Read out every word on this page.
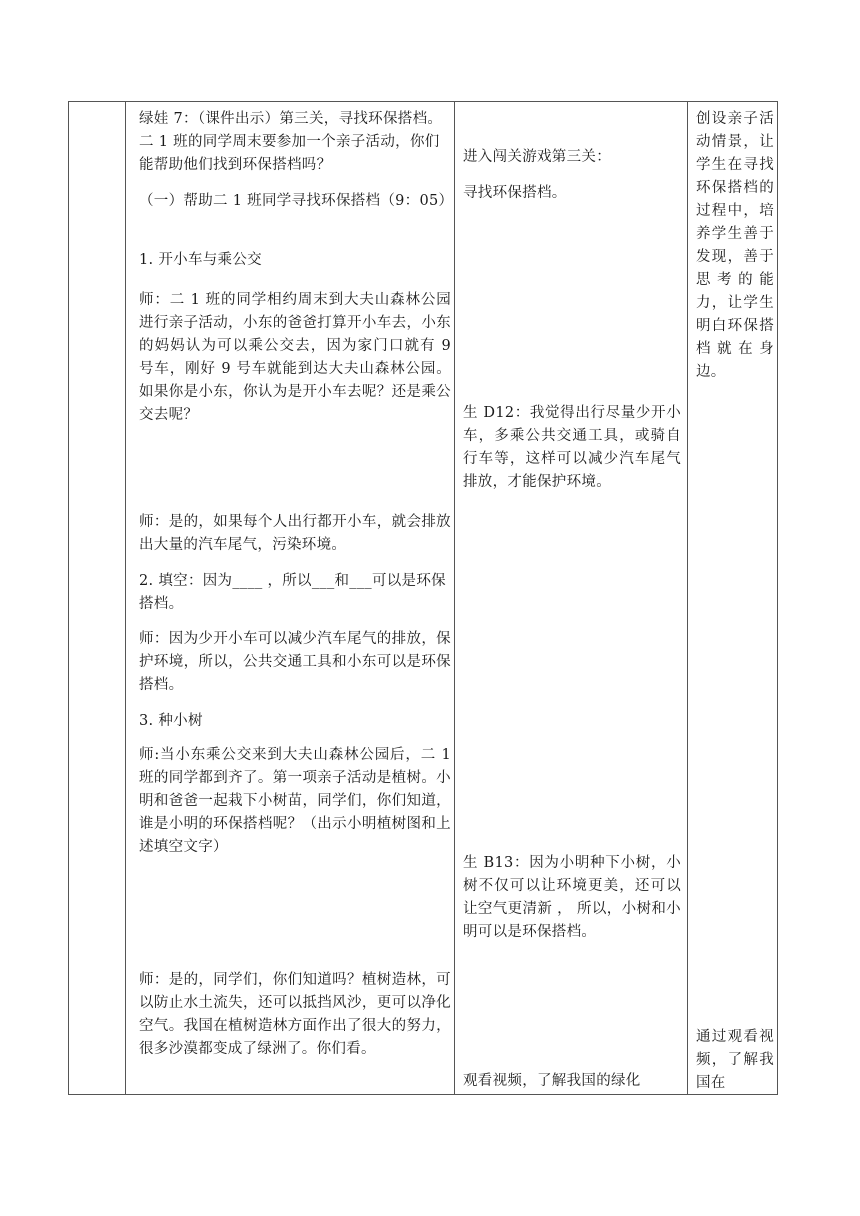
绿娃 7：（课件出示）第三关，寻找环保搭档。二 1 班的同学周末要参加一个亲子活动，你们能帮助他们找到环保搭档吗？
（一）帮助二 1 班同学寻找环保搭档（9：05）
1. 开小车与乘公交
师：二 1 班的同学相约周末到大夫山森林公园进行亲子活动，小东的爸爸打算开小车去，小东的妈妈认为可以乘公交去，因为家门口就有 9 号车，刚好 9 号车就能到达大夫山森林公园。如果你是小东，你认为是开小车去呢？还是乘公交去呢？
师：是的，如果每个人出行都开小车，就会排放出大量的汽车尾气，污染环境。
2. 填空：因为____ ，所以___和___可以是环保搭档。
师：因为少开小车可以减少汽车尾气的排放，保护环境，所以，公共交通工具和小东可以是环保搭档。
3. 种小树
师:当小东乘公交来到大夫山森林公园后，二 1 班的同学都到齐了。第一项亲子活动是植树。小明和爸爸一起栽下小树苗，同学们，你们知道，谁是小明的环保搭档呢？（出示小明植树图和上述填空文字）
师：是的，同学们，你们知道吗？植树造林，可以防止水土流失，还可以抵挡风沙，更可以净化空气。我国在植树造林方面作出了很大的努力，很多沙漠都变成了绿洲了。你们看。
进入闯关游戏第三关：
寻找环保搭档。
生 D12：我觉得出行尽量少开小车，多乘公共交通工具，或骑自行车等，这样可以减少汽车尾气排放，才能保护环境。
生 B13：因为小明种下小树，小树不仅可以让环境更美，还可以让空气更清新 ， 所以，小树和小明可以是环保搭档。
观看视频，了解我国的绿化
创设亲子活动情景，让学生在寻找环保搭档的过程中，培养学生善于发现，善于思考的能力，让学生明白环保搭档就在身边。
通过观看视频，了解我国在
